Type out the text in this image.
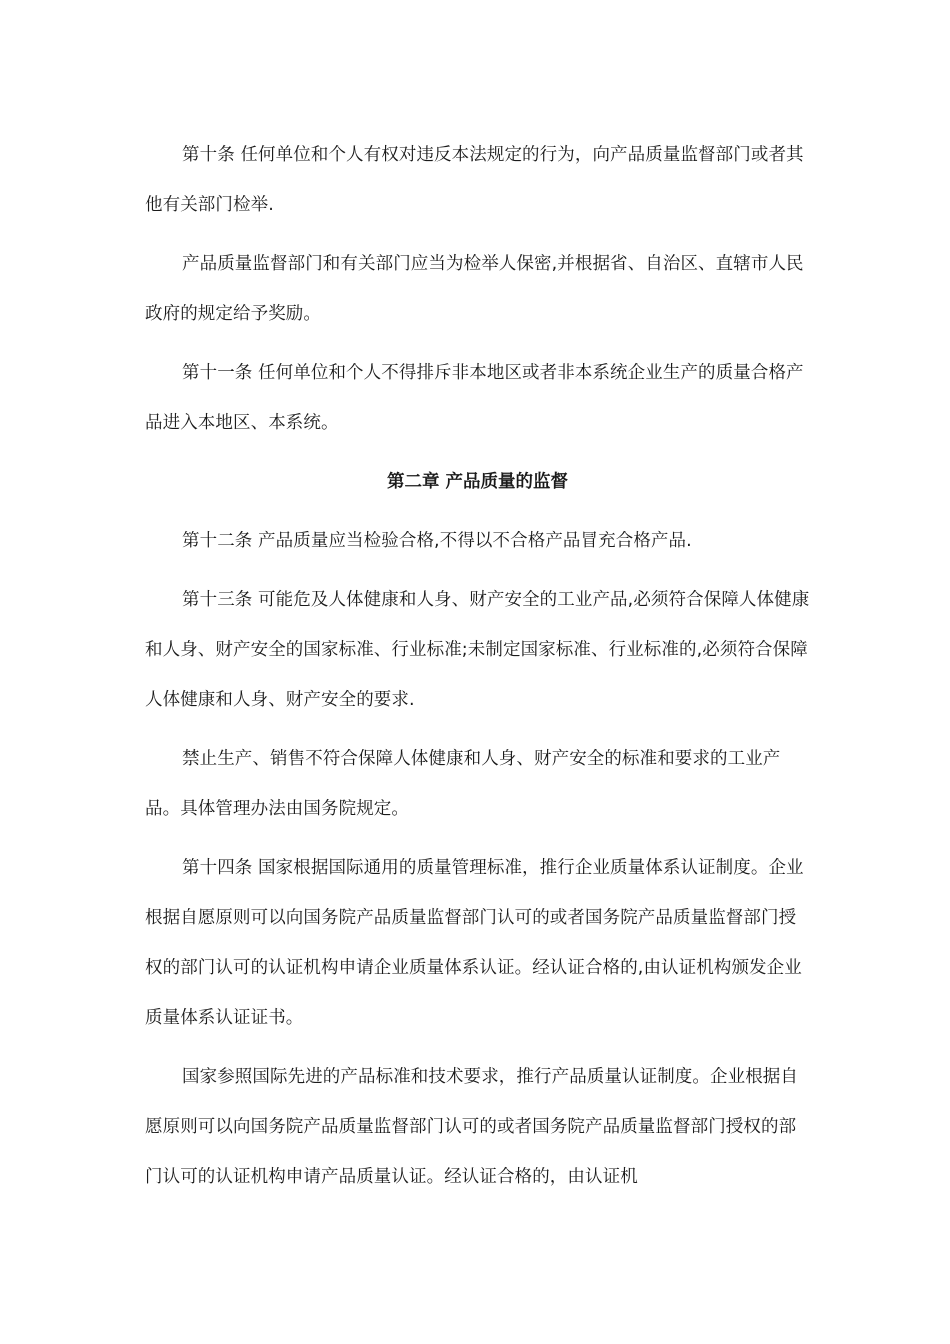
第十条 任何单位和个人有权对违反本法规定的行为，向产品质量监督部门或者其他有关部门检举.

产品质量监督部门和有关部门应当为检举人保密,并根据省、自治区、直辖市人民政府的规定给予奖励。

第十一条 任何单位和个人不得排斥非本地区或者非本系统企业生产的质量合格产品进入本地区、本系统。

第二章 产品质量的监督

第十二条 产品质量应当检验合格,不得以不合格产品冒充合格产品.

第十三条 可能危及人体健康和人身、财产安全的工业产品,必须符合保障人体健康和人身、财产安全的国家标准、行业标准;未制定国家标准、行业标准的,必须符合保障人体健康和人身、财产安全的要求.

禁止生产、销售不符合保障人体健康和人身、财产安全的标准和要求的工业产品。具体管理办法由国务院规定。

第十四条 国家根据国际通用的质量管理标准，推行企业质量体系认证制度。企业根据自愿原则可以向国务院产品质量监督部门认可的或者国务院产品质量监督部门授权的部门认可的认证机构申请企业质量体系认证。经认证合格的,由认证机构颁发企业质量体系认证证书。

国家参照国际先进的产品标准和技术要求，推行产品质量认证制度。企业根据自愿原则可以向国务院产品质量监督部门认可的或者国务院产品质量监督部门授权的部门认可的认证机构申请产品质量认证。经认证合格的，由认证机
